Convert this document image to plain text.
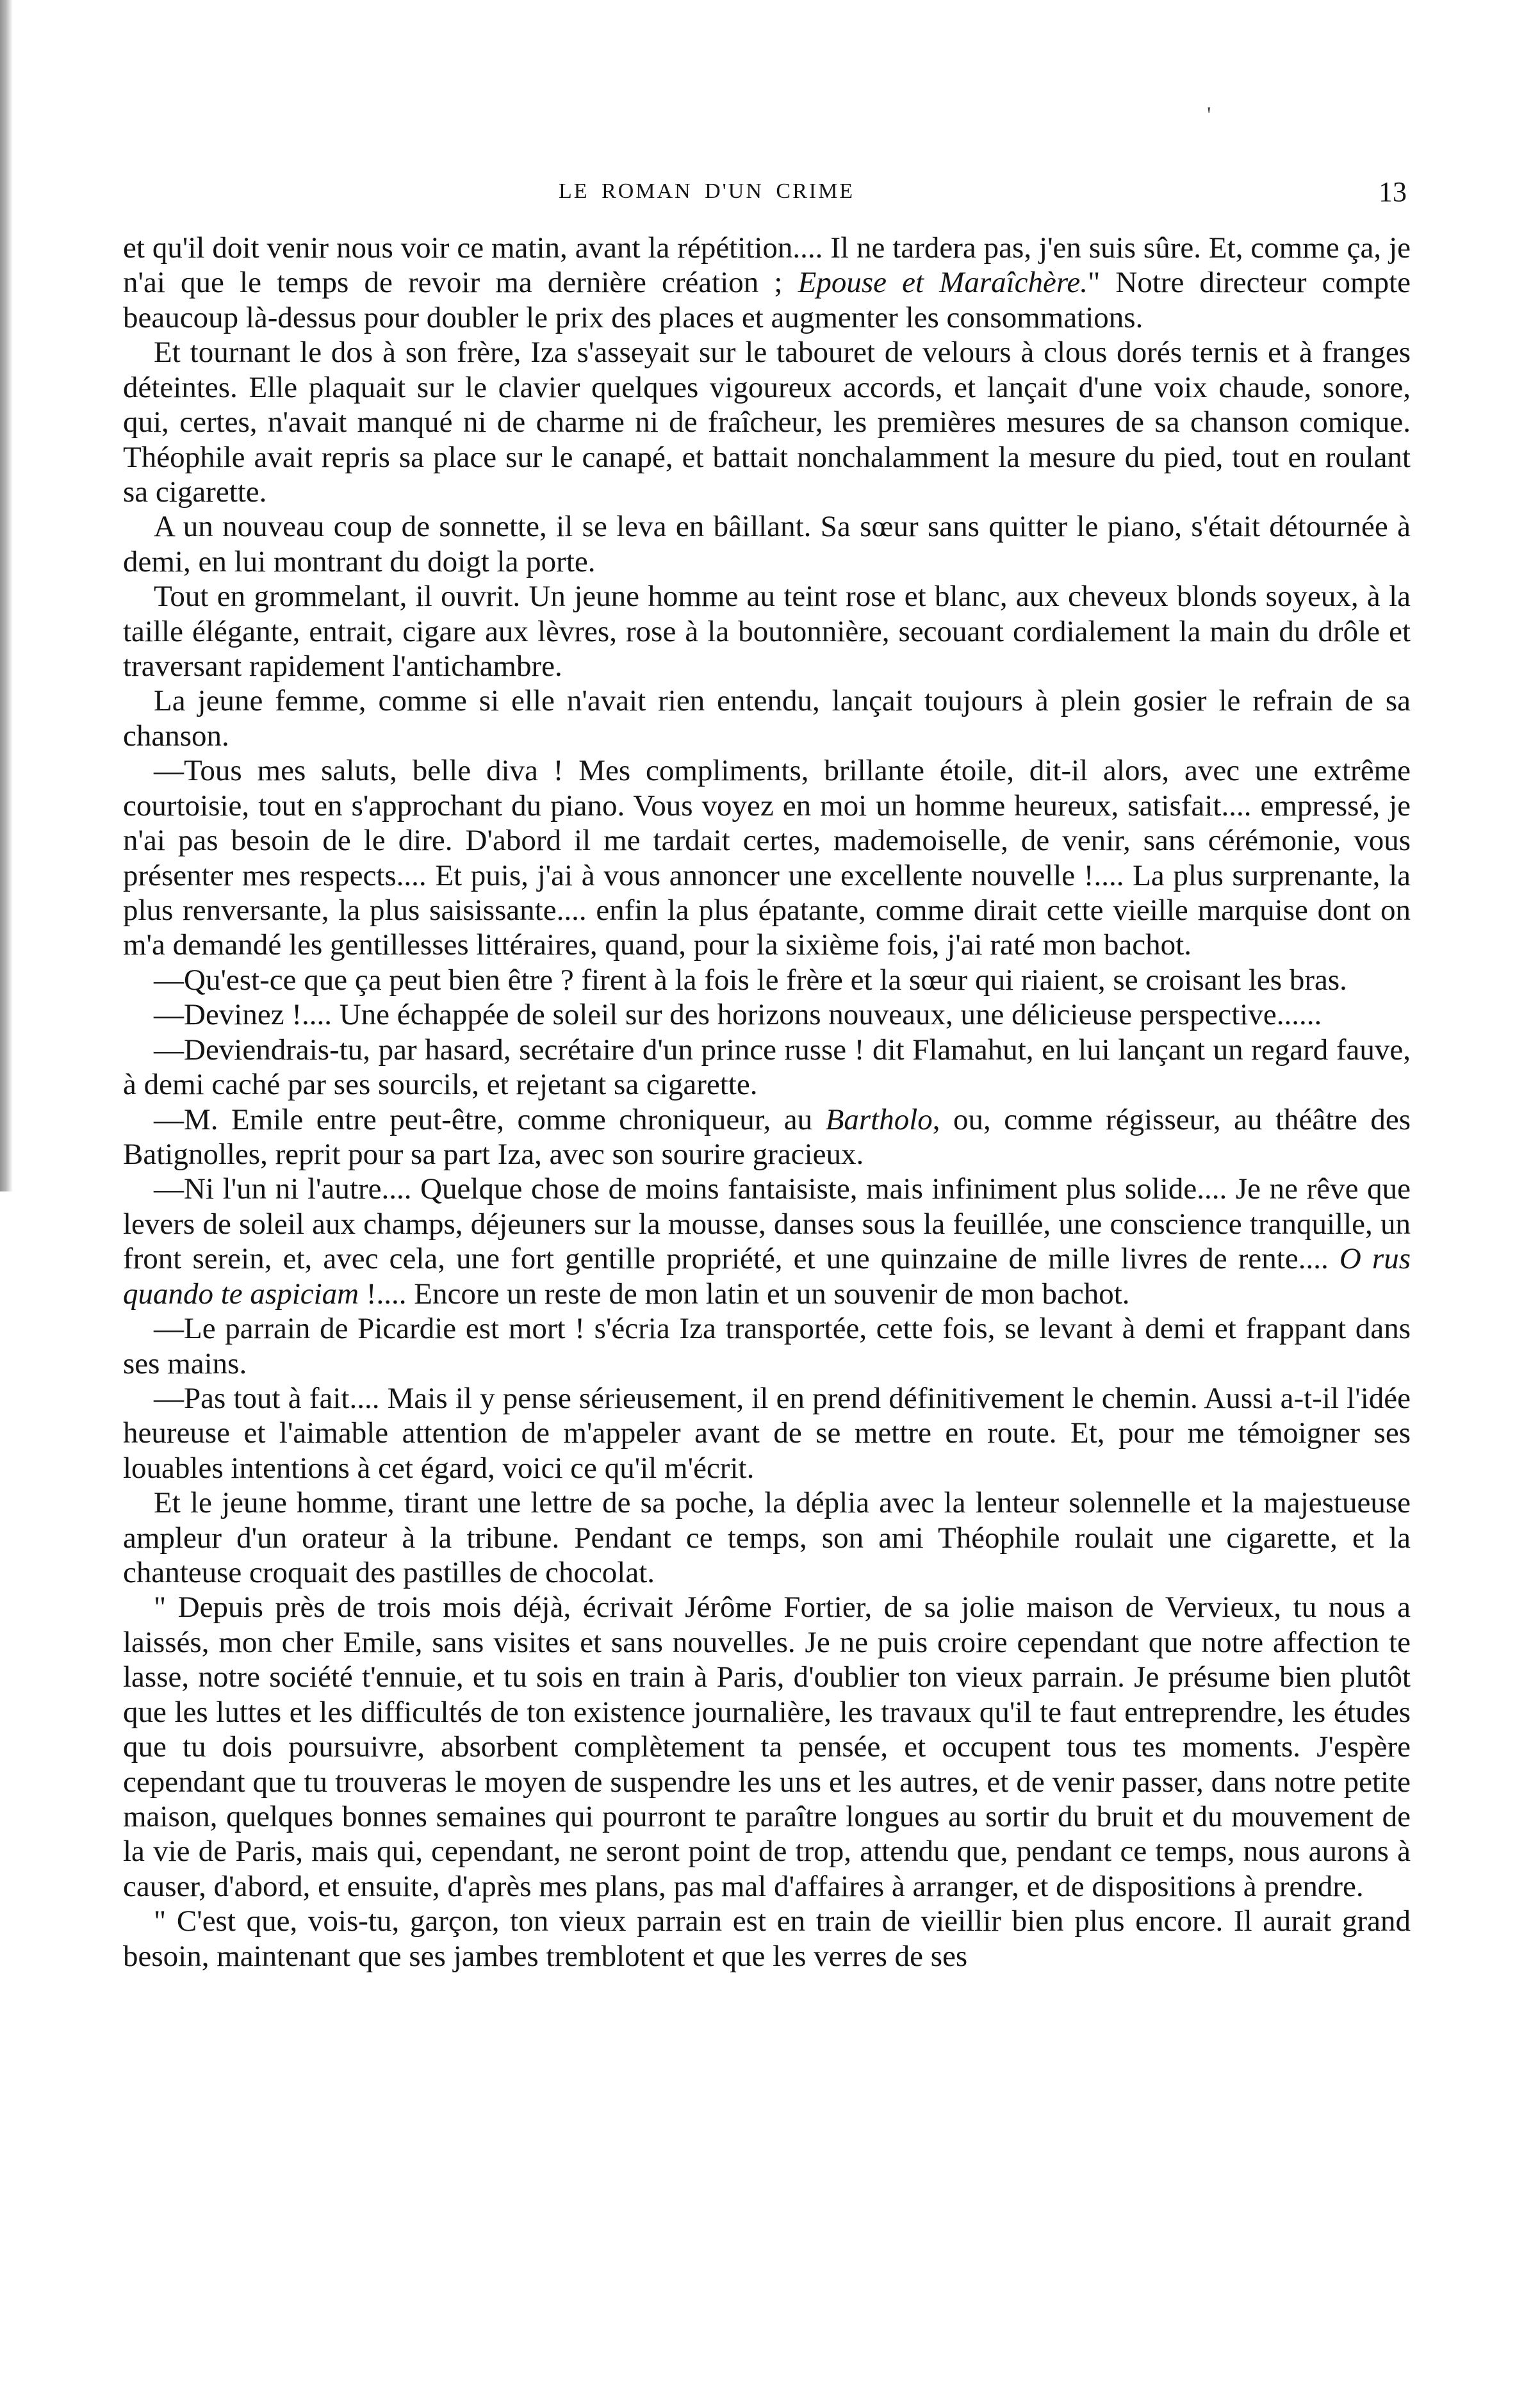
LE ROMAN D'UN CRIME	13
'

et qu'il doit venir nous voir ce matin, avant la répétition.... Il ne tardera pas, j'en suis sûre. Et, comme ça, je n'ai que le temps de revoir ma dernière création ; Epouse et Maraîchère." Notre directeur compte beaucoup là-dessus pour doubler le prix des places et augmenter les consommations.

Et tournant le dos à son frère, Iza s'asseyait sur le tabouret de velours à clous dorés ternis et à franges déteintes. Elle plaquait sur le clavier quelques vigoureux accords, et lançait d'une voix chaude, sonore, qui, certes, n'avait manqué ni de charme ni de fraîcheur, les premières mesures de sa chanson comique. Théophile avait repris sa place sur le canapé, et battait nonchalamment la mesure du pied, tout en roulant sa cigarette.

A un nouveau coup de sonnette, il se leva en bâillant. Sa sœur sans quitter le piano, s'était détournée à demi, en lui montrant du doigt la porte.

Tout en grommelant, il ouvrit. Un jeune homme au teint rose et blanc, aux cheveux blonds soyeux, à la taille élégante, entrait, cigare aux lèvres, rose à la boutonnière, secouant cordialement la main du drôle et traversant rapidement l'antichambre.

La jeune femme, comme si elle n'avait rien entendu, lançait toujours à plein gosier le refrain de sa chanson.

—Tous mes saluts, belle diva ! Mes compliments, brillante étoile, dit-il alors, avec une extrême courtoisie, tout en s'approchant du piano. Vous voyez en moi un homme heureux, satisfait.... empressé, je n'ai pas besoin de le dire. D'abord il me tardait certes, mademoiselle, de venir, sans cérémonie, vous présenter mes respects.... Et puis, j'ai à vous annoncer une excellente nouvelle !.... La plus surprenante, la plus renversante, la plus saisissante.... enfin la plus épatante, comme dirait cette vieille marquise dont on m'a demandé les gentillesses littéraires, quand, pour la sixième fois, j'ai raté mon bachot.

—Qu'est-ce que ça peut bien être ? firent à la fois le frère et la sœur qui riaient, se croisant les bras.

—Devinez !.... Une échappée de soleil sur des horizons nouveaux, une délicieuse perspective......

—Deviendrais-tu, par hasard, secrétaire d'un prince russe ! dit Flamahut, en lui lançant un regard fauve, à demi caché par ses sourcils, et rejetant sa cigarette.

—M. Emile entre peut-être, comme chroniqueur, au Bartholo, ou, comme régisseur, au théâtre des Batignolles, reprit pour sa part Iza, avec son sourire gracieux.

—Ni l'un ni l'autre.... Quelque chose de moins fantaisiste, mais infiniment plus solide.... Je ne rêve que levers de soleil aux champs, déjeuners sur la mousse, danses sous la feuillée, une conscience tranquille, un front serein, et, avec cela, une fort gentille propriété, et une quinzaine de mille livres de rente.... O rus quando te aspiciam !.... Encore un reste de mon latin et un souvenir de mon bachot.

—Le parrain de Picardie est mort ! s'écria Iza transportée, cette fois, se levant à demi et frappant dans ses mains.

—Pas tout à fait.... Mais il y pense sérieusement, il en prend définitivement le chemin. Aussi a-t-il l'idée heureuse et l'aimable attention de m'appeler avant de se mettre en route. Et, pour me témoigner ses louables intentions à cet égard, voici ce qu'il m'écrit.

Et le jeune homme, tirant une lettre de sa poche, la déplia avec la lenteur solennelle et la majestueuse ampleur d'un orateur à la tribune. Pendant ce temps, son ami Théophile roulait une cigarette, et la chanteuse croquait des pastilles de chocolat.

" Depuis près de trois mois déjà, écrivait Jérôme Fortier, de sa jolie maison de Vervieux, tu nous a laissés, mon cher Emile, sans visites et sans nouvelles. Je ne puis croire cependant que notre affection te lasse, notre société t'ennuie, et tu sois en train à Paris, d'oublier ton vieux parrain. Je présume bien plutôt que les luttes et les difficultés de ton existence journalière, les travaux qu'il te faut entreprendre, les études que tu dois poursuivre, absorbent complètement ta pensée, et occupent tous tes moments. J'espère cependant que tu trouveras le moyen de suspendre les uns et les autres, et de venir passer, dans notre petite maison, quelques bonnes semaines qui pourront te paraître longues au sortir du bruit et du mouvement de la vie de Paris, mais qui, cependant, ne seront point de trop, attendu que, pendant ce temps, nous aurons à causer, d'abord, et ensuite, d'après mes plans, pas mal d'affaires à arranger, et de dispositions à prendre.

" C'est que, vois-tu, garçon, ton vieux parrain est en train de vieillir bien plus encore. Il aurait grand besoin, maintenant que ses jambes tremblotent et que les verres de ses
